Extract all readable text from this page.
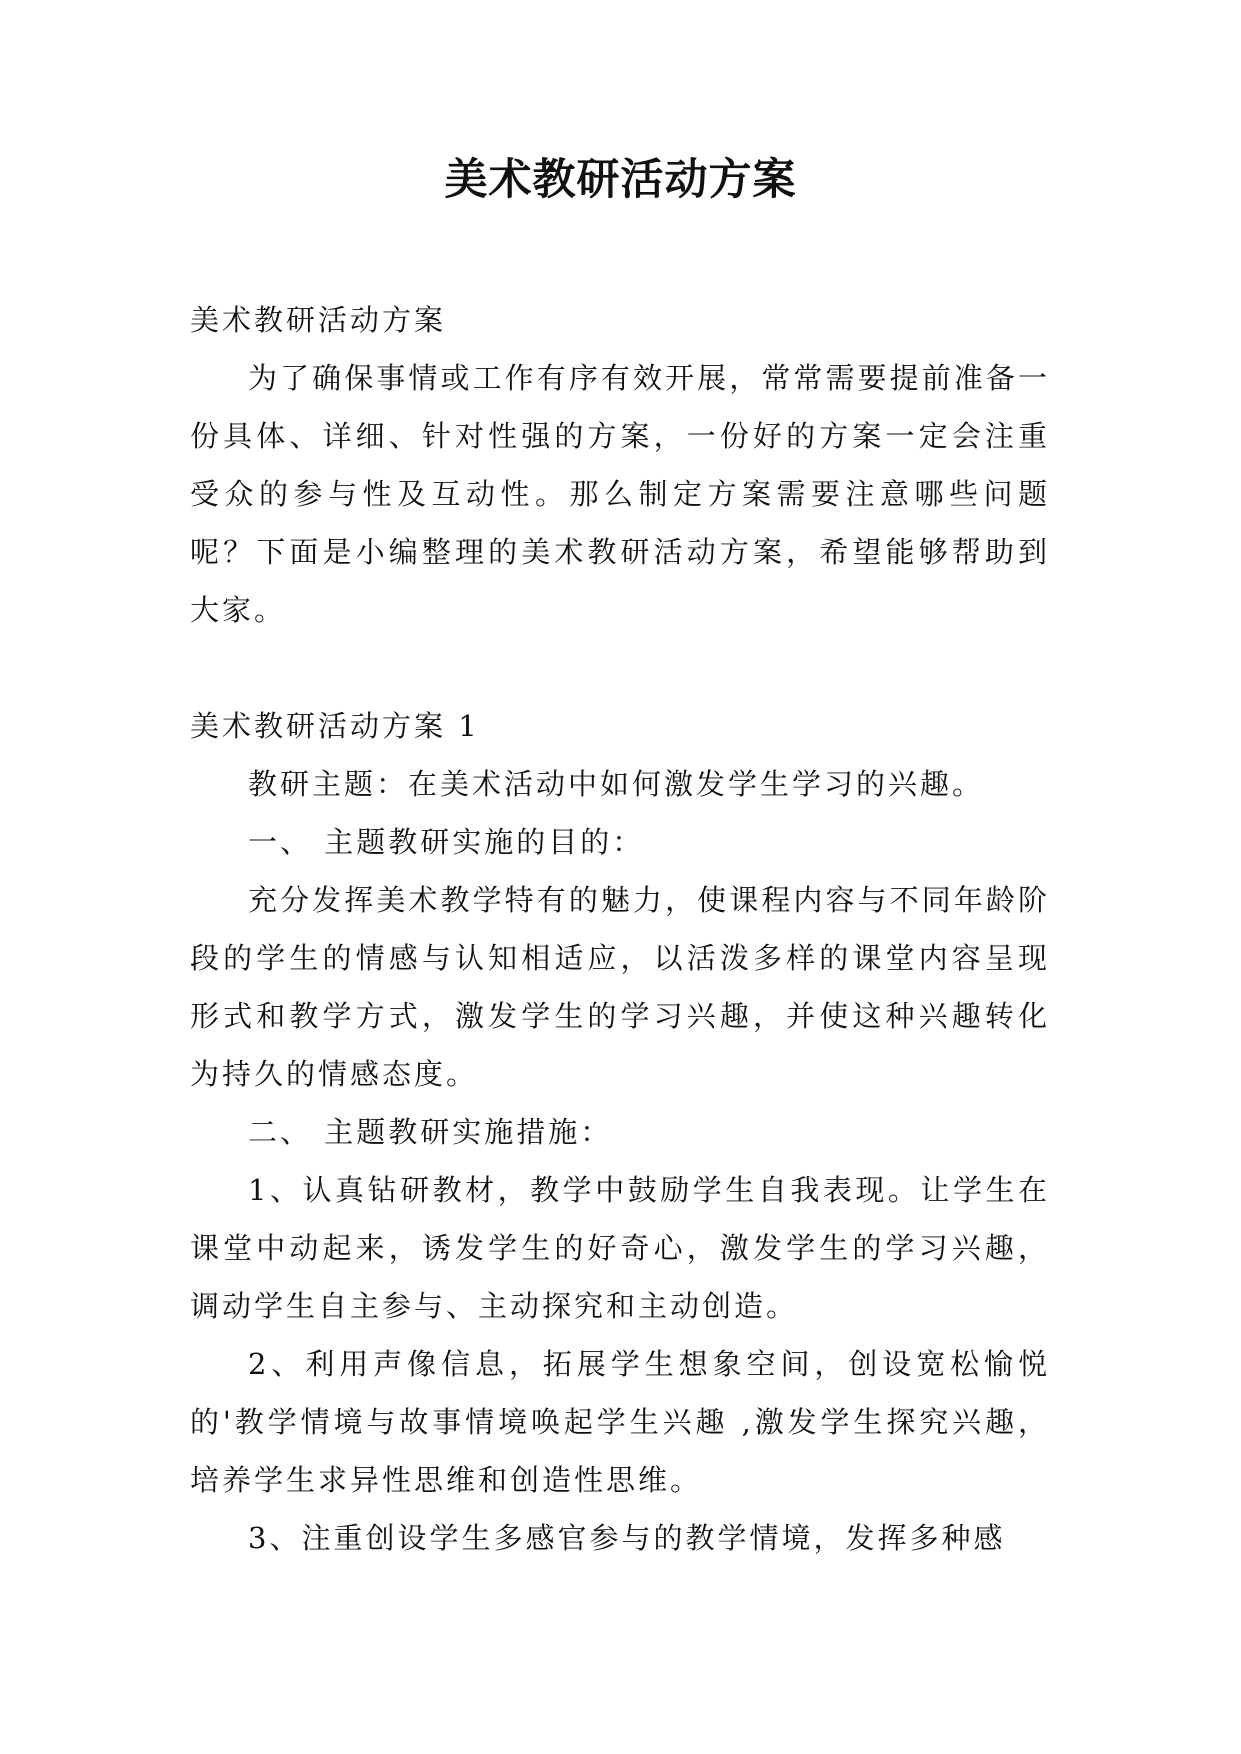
美术教研活动方案

美术教研活动方案

为了确保事情或工作有序有效开展，常常需要提前准备一份具体、详细、针对性强的方案，一份好的方案一定会注重受众的参与性及互动性。那么制定方案需要注意哪些问题呢？下面是小编整理的美术教研活动方案，希望能够帮助到大家。

美术教研活动方案 1

教研主题：在美术活动中如何激发学生学习的兴趣。

一、 主题教研实施的目的：

充分发挥美术教学特有的魅力，使课程内容与不同年龄阶段的学生的情感与认知相适应，以活泼多样的课堂内容呈现形式和教学方式，激发学生的学习兴趣，并使这种兴趣转化为持久的情感态度。

二、 主题教研实施措施：

1、认真钻研教材，教学中鼓励学生自我表现。让学生在课堂中动起来，诱发学生的好奇心，激发学生的学习兴趣，调动学生自主参与、主动探究和主动创造。

2、利用声像信息，拓展学生想象空间，创设宽松愉悦的'教学情境与故事情境唤起学生兴趣 ,激发学生探究兴趣，培养学生求异性思维和创造性思维。

3、注重创设学生多感官参与的教学情境，发挥多种感
